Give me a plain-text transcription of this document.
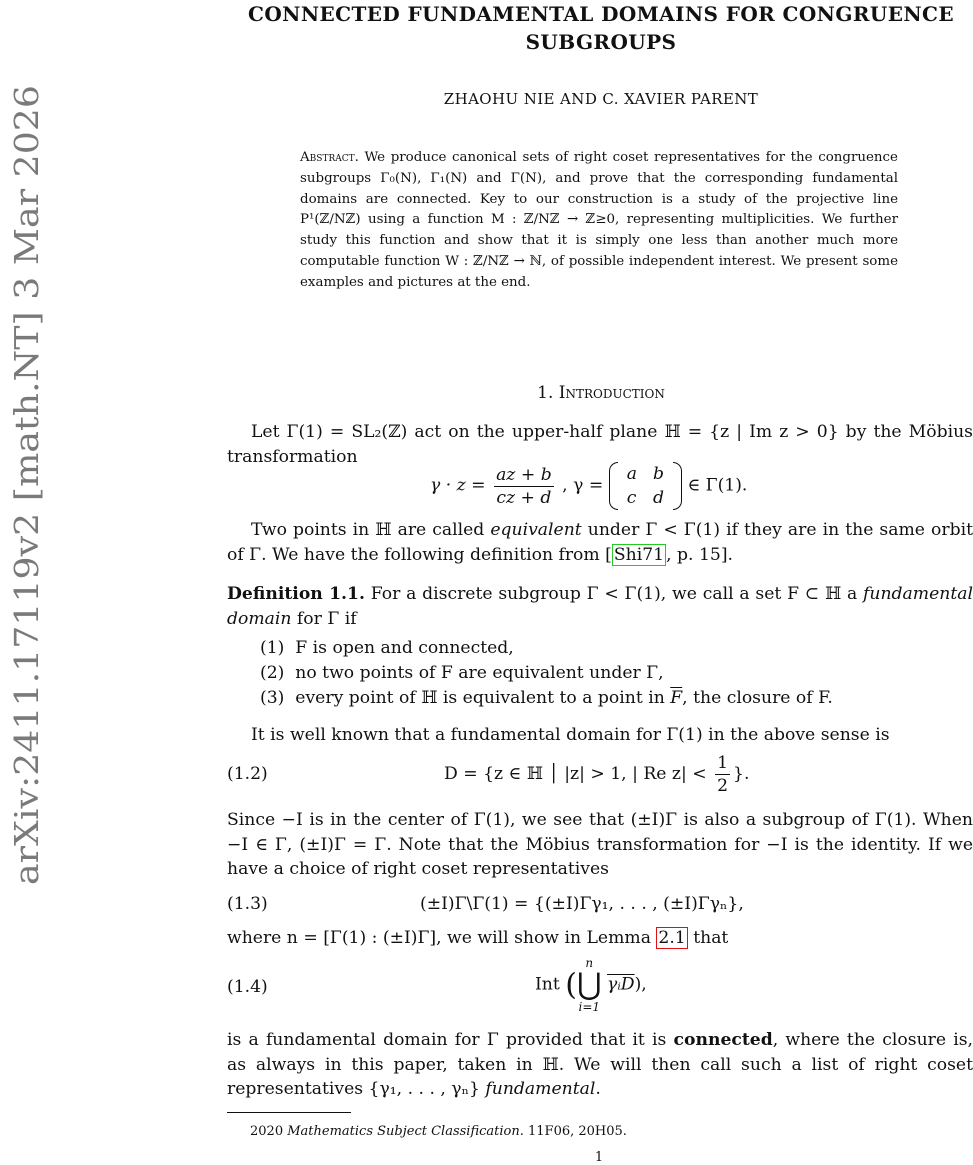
arXiv:2411.17119v2 [math.NT] 3 Mar 2026
CONNECTED FUNDAMENTAL DOMAINS FOR CONGRUENCE
SUBGROUPS
ZHAOHU NIE AND C. XAVIER PARENT
Abstract. We produce canonical sets of right coset representatives for the congruence subgroups Γ₀(N), Γ₁(N) and Γ(N), and prove that the corresponding fundamental domains are connected. Key to our construction is a study of the projective line P¹(ℤ/Nℤ) using a function M : ℤ/Nℤ → ℤ≥0, representing multiplicities. We further study this function and show that it is simply one less than another much more computable function W : ℤ/Nℤ → ℕ, of possible independent interest. We present some examples and pictures at the end.
1. Introduction
Let Γ(1) = SL₂(ℤ) act on the upper-half plane ℍ = {z | Im z > 0} by the Möbius transformation
$\gamma \cdot z = \frac{az + b}{cz + d}$ , γ =
a	b
c	d
∈ Γ(1).
Two points in ℍ are called equivalent under Γ < Γ(1) if they are in the same orbit of Γ. We have the following definition from [ Shi71 , p. 15].
Definition 1.1. For a discrete subgroup Γ < Γ(1), we call a set F ⊂ ℍ a fundamental domain for Γ if
(1) F is open and connected,
(2) no two points of F are equivalent under Γ,
(3) every point of ℍ is equivalent to a point in $\overline{F}$, the closure of F.
It is well known that a fundamental domain for Γ(1) in the above sense is
(1.2)	D = {z ∈ ℍ │ |z| > 1, | Re $z| < \frac{1}{2}$ }.
Since −I is in the center of Γ(1), we see that (±I)Γ is also a subgroup of Γ(1). When −I ∈ Γ, (±I)Γ = Γ. Note that the Möbius transformation for −I is the identity. If we have a choice of right coset representatives
(1.3)	(±I)Γ\Γ(1) = {(±I)Γγ₁, . . . , (±I)Γγₙ},
where n = [Γ(1) : (±I)Γ], we will show in Lemma 2.1 that
(1.4)	Int (
n
⋃
i=1
$\overline{\gamma ᵢD}$),
is a fundamental domain for Γ provided that it is connected, where the closure is, as always in this paper, taken in ℍ. We will then call such a list of right coset representatives {γ₁, . . . , γₙ} fundamental.
2020 Mathematics Subject Classification. 11F06, 20H05.
1
